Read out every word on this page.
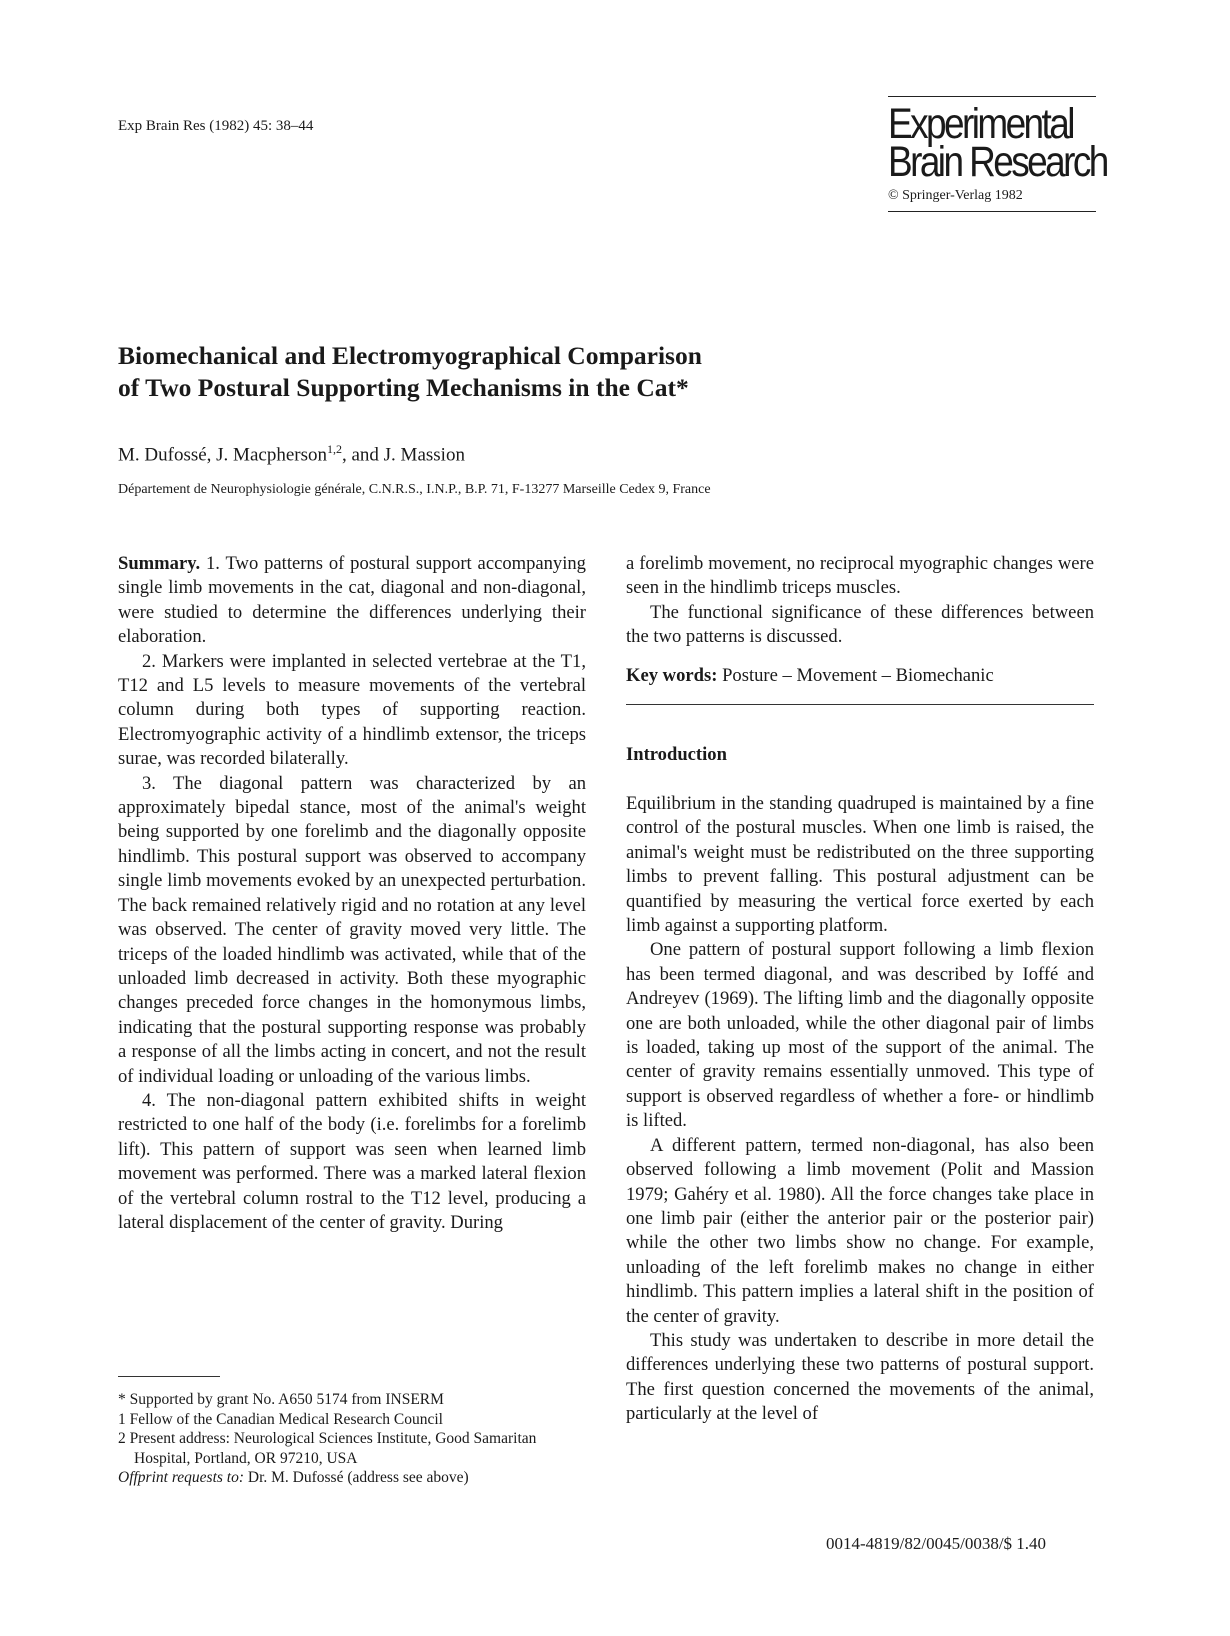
Exp Brain Res (1982) 45: 38–44	Experimental
Brain Research
© Springer-Verlag 1982
Biomechanical and Electromyographical Comparison
of Two Postural Supporting Mechanisms in the Cat*
M. Dufossé, J. Macpherson$^{1,2}$, and J. Massion
Département de Neurophysiologie générale, C.N.R.S., I.N.P., B.P. 71, F-13277 Marseille Cedex 9, France

Summary. 1. Two patterns of postural support accompanying single limb movements in the cat, diagonal and non-diagonal, were studied to determine the differences underlying their elaboration.

2. Markers were implanted in selected vertebrae at the T1, T12 and L5 levels to measure movements of the vertebral column during both types of supporting reaction. Electromyographic activity of a hindlimb extensor, the triceps surae, was recorded bilaterally.

3. The diagonal pattern was characterized by an approximately bipedal stance, most of the animal's weight being supported by one forelimb and the diagonally opposite hindlimb. This postural support was observed to accompany single limb movements evoked by an unexpected perturbation. The back remained relatively rigid and no rotation at any level was observed. The center of gravity moved very little. The triceps of the loaded hindlimb was activated, while that of the unloaded limb decreased in activity. Both these myographic changes preceded force changes in the homonymous limbs, indicating that the postural supporting response was probably a response of all the limbs acting in concert, and not the result of individual loading or unloading of the various limbs.

4. The non-diagonal pattern exhibited shifts in weight restricted to one half of the body (i.e. forelimbs for a forelimb lift). This pattern of support was seen when learned limb movement was performed. There was a marked lateral flexion of the vertebral column rostral to the T12 level, producing a lateral displacement of the center of gravity. During

* Supported by grant No. A650 5174 from INSERM
1 Fellow of the Canadian Medical Research Council
2 Present address: Neurological Sciences Institute, Good Samaritan Hospital, Portland, OR 97210, USA
Offprint requests to: Dr. M. Dufossé (address see above)

a forelimb movement, no reciprocal myographic changes were seen in the hindlimb triceps muscles.

The functional significance of these differences between the two patterns is discussed.

Key words: Posture – Movement – Biomechanic

Introduction

Equilibrium in the standing quadruped is maintained by a fine control of the postural muscles. When one limb is raised, the animal's weight must be redistributed on the three supporting limbs to prevent falling. This postural adjustment can be quantified by measuring the vertical force exerted by each limb against a supporting platform.

One pattern of postural support following a limb flexion has been termed diagonal, and was described by Ioffé and Andreyev (1969). The lifting limb and the diagonally opposite one are both unloaded, while the other diagonal pair of limbs is loaded, taking up most of the support of the animal. The center of gravity remains essentially unmoved. This type of support is observed regardless of whether a fore- or hindlimb is lifted.

A different pattern, termed non-diagonal, has also been observed following a limb movement (Polit and Massion 1979; Gahéry et al. 1980). All the force changes take place in one limb pair (either the anterior pair or the posterior pair) while the other two limbs show no change. For example, unloading of the left forelimb makes no change in either hindlimb. This pattern implies a lateral shift in the position of the center of gravity.

This study was undertaken to describe in more detail the differences underlying these two patterns of postural support. The first question concerned the movements of the animal, particularly at the level of

0014-4819/82/0045/0038/$ 1.40
